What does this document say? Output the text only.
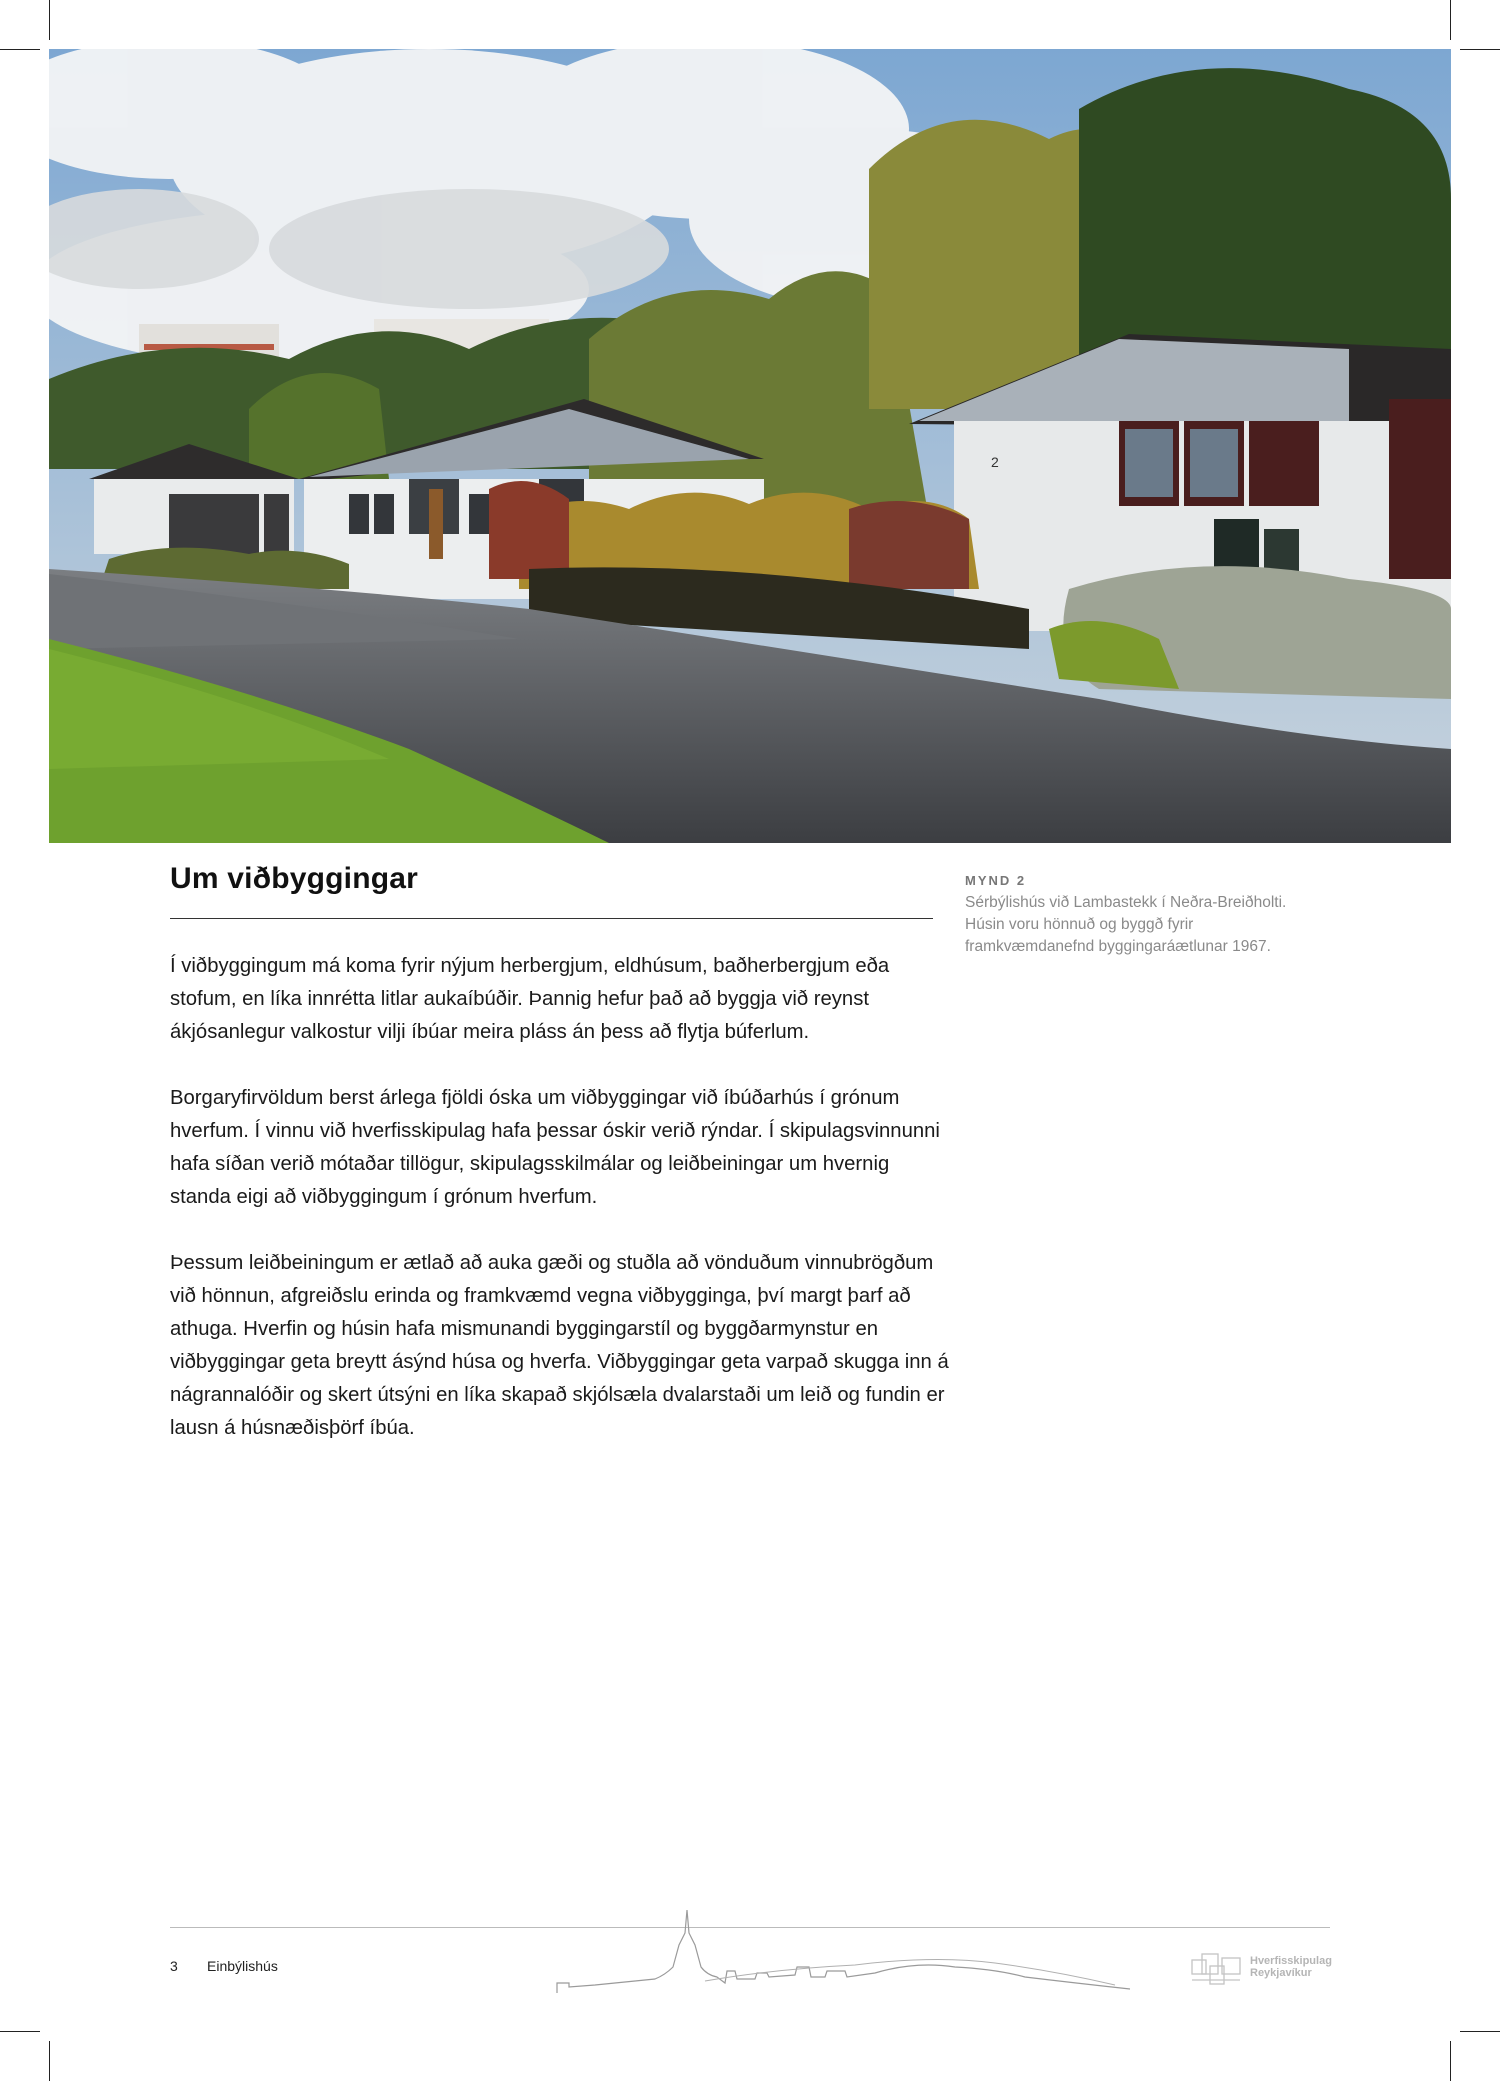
2
Um viðbyggingar

Í viðbyggingum má koma fyrir nýjum herbergjum, eldhúsum, baðherbergjum eða stofum, en líka innrétta litlar aukaíbúðir. Þannig hefur það að byggja við reynst ákjósanlegur valkostur vilji íbúar meira pláss án þess að flytja búferlum.

Borgaryfirvöldum berst árlega fjöldi óska um viðbyggingar við íbúðarhús í grónum hverfum. Í vinnu við hverfisskipulag hafa þessar óskir verið rýndar. Í skipulagsvinnunni hafa síðan verið mótaðar tillögur, skipulagsskilmálar og leiðbeiningar um hvernig standa eigi að viðbyggingum í grónum hverfum.

Þessum leiðbeiningum er ætlað að auka gæði og stuðla að vönduðum vinnubrögðum við hönnun, afgreiðslu erinda og framkvæmd vegna viðbygginga, því margt þarf að athuga. Hverfin og húsin hafa mismunandi byggingarstíl og byggðarmynstur en viðbyggingar geta breytt ásýnd húsa og hverfa. Viðbyggingar geta varpað skugga inn á nágrannalóðir og skert útsýni en líka skapað skjólsæla dvalarstaði um leið og fundin er lausn á húsnæðisþörf íbúa.

MYND 2

Sérbýlishús við Lambastekk í Neðra-Breiðholti. Húsin voru hönnuð og byggð fyrir framkvæmdanefnd byggingaráætlunar 1967.

3 Einbýlishús	Hverfisskipulag
Reykjavíkur
